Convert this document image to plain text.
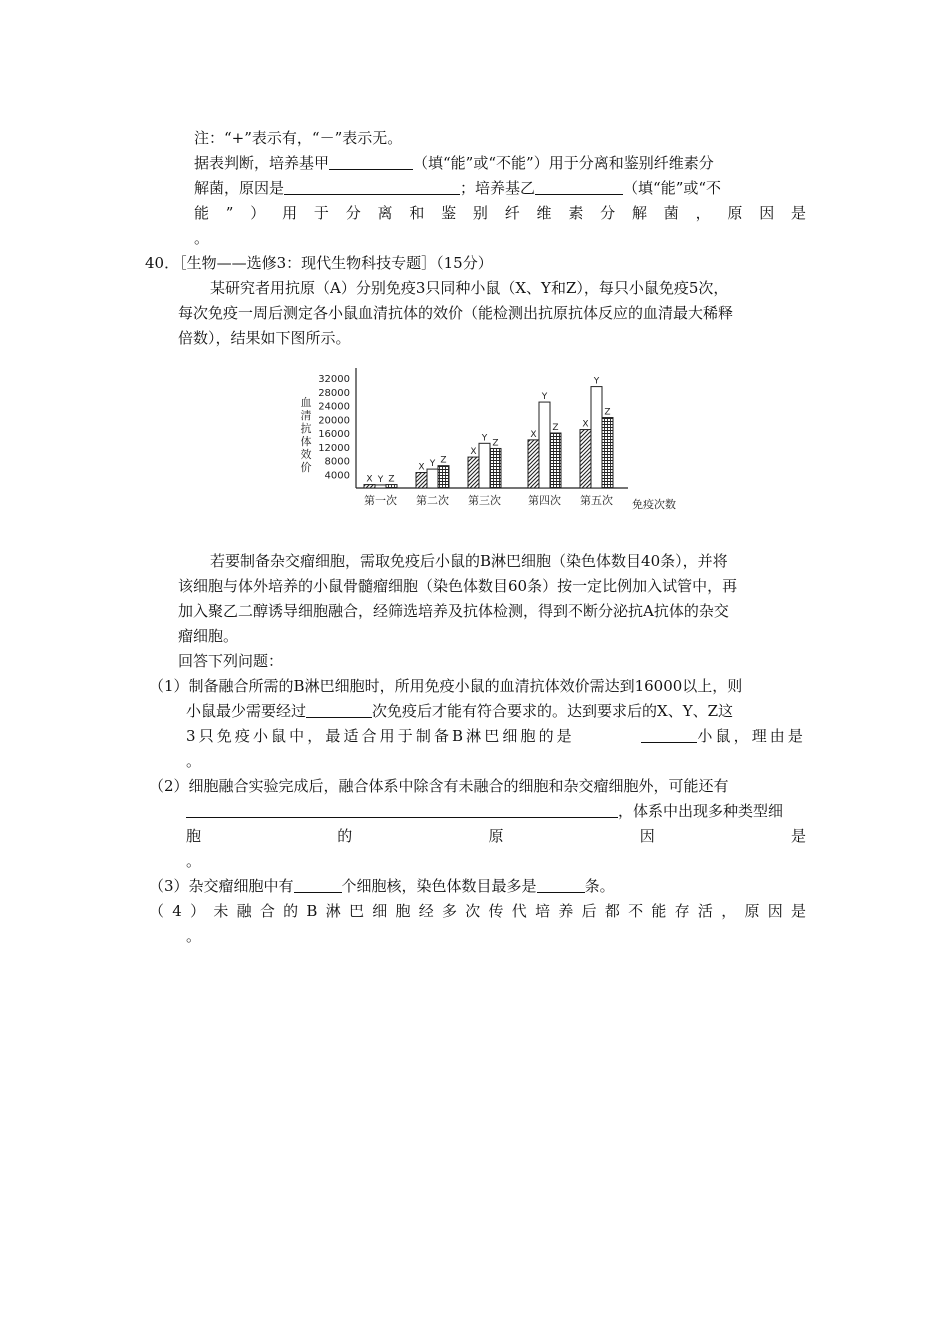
注：“+”表示有，“－”表示无。
据表判断，培养基甲	（填“能”或“不能”）用于分离和鉴别纤维素分
解菌，原因是	；培养基乙	（填“能”或“不
能”）用于分离和鉴别纤维素分解菌，原因是
。
40．［生物——选修3：现代生物科技专题］（15分）
某研究者用抗原（A）分别免疫3只同种小鼠（X、Y和Z），每只小鼠免疫5次，
每次免疫一周后测定各小鼠血清抗体的效价（能检测出抗原抗体反应的血清最大稀释
倍数），结果如下图所示。
血
清
抗
体
效
价
4000
8000
12000
16000
20000
24000
28000
32000
X Y Z
X Y Z
X
Y
Z
X
Y
Z	X
Y
Z
第一次 第二次 第三次 第四次 第五次 免疫次数
若要制备杂交瘤细胞，需取免疫后小鼠的B淋巴细胞（染色体数目40条），并将
该细胞与体外培养的小鼠骨髓瘤细胞（染色体数目60条）按一定比例加入试管中，再
加入聚乙二醇诱导细胞融合，经筛选培养及抗体检测，得到不断分泌抗A抗体的杂交
瘤细胞。
回答下列问题：
（1）制备融合所需的B淋巴细胞时，所用免疫小鼠的血清抗体效价需达到16000以上，则
小鼠最少需要经过	次免疫后才能有符合要求的。达到要求后的X、Y、Z这
3只免疫小鼠中，最适合用于制备B淋巴细胞的是	小鼠，理由是
。
（2）细胞融合实验完成后，融合体系中除含有未融合的细胞和杂交瘤细胞外，可能还有
，体系中出现多种类型细
胞的原因是
。
（3）杂交瘤细胞中有	个细胞核，染色体数目最多是	条。
（4）未融合的B淋巴细胞经多次传代培养后都不能存活，原因是
。
